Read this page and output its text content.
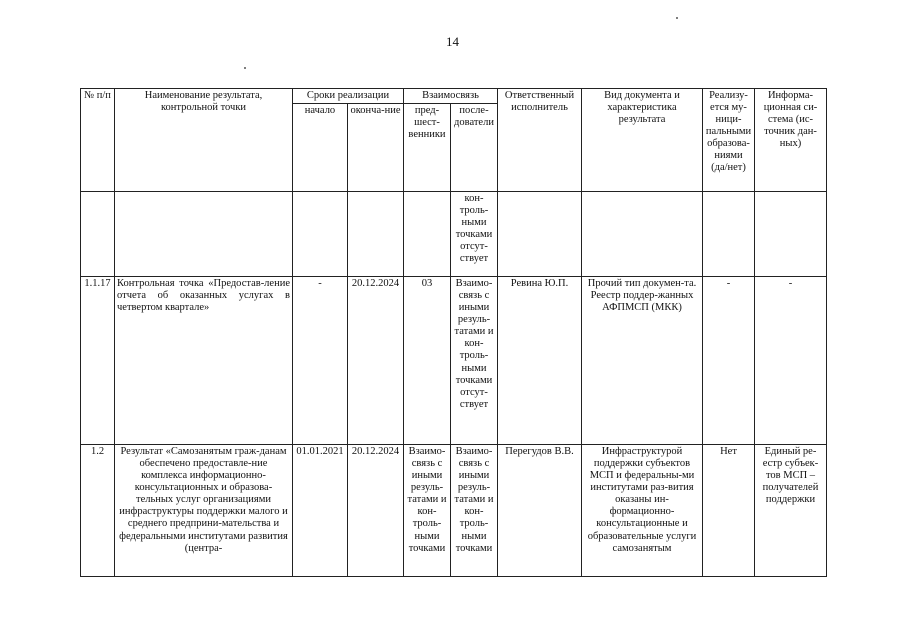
14
№ п/п	Наименование результата, контрольной точки	Сроки реализации		Взаимосвязь		Ответственный исполнитель	Вид документа и характеристика результата	Реализу-ется му-ници-пальными образова-ниями (да/нет)	Информа-ционная си-стема (ис-точник дан-ных)
		начало	оконча-ние	пред-шест-венники	после-дователи				
					кон-троль-ными точками отсут-ствует				
1.1.17	Контрольная точка «Предостав-ление отчета об оказанных услугах в четвертом квартале»	-	20.12.2024	03	Взаимо-связь с иными резуль-татами и кон-троль-ными точками отсут-ствует	Ревина Ю.П.	Прочий тип докумен-та. Реестр поддер-жанных АФПМСП (МКК)	-	-
1.2	Результат «Самозанятым граж-данам обеспечено предоставле-ние комплекса информационно-консультационных и образова-тельных услуг организациями инфраструктуры поддержки малого и среднего предприни-мательства и федеральными институтами развития (центра-	01.01.2021	20.12.2024	Взаимо-связь с иными резуль-татами и кон-троль-ными точками	Взаимо-связь с иными резуль-татами и кон-троль-ными точками	Перегудов В.В.	Инфраструктурой поддержки субъектов МСП и федеральны-ми институтами раз-вития оказаны ин-формационно-консультационные и образовательные услуги самозанятым	Нет	Единый ре-естр субъек-тов МСП – получателей поддержки
